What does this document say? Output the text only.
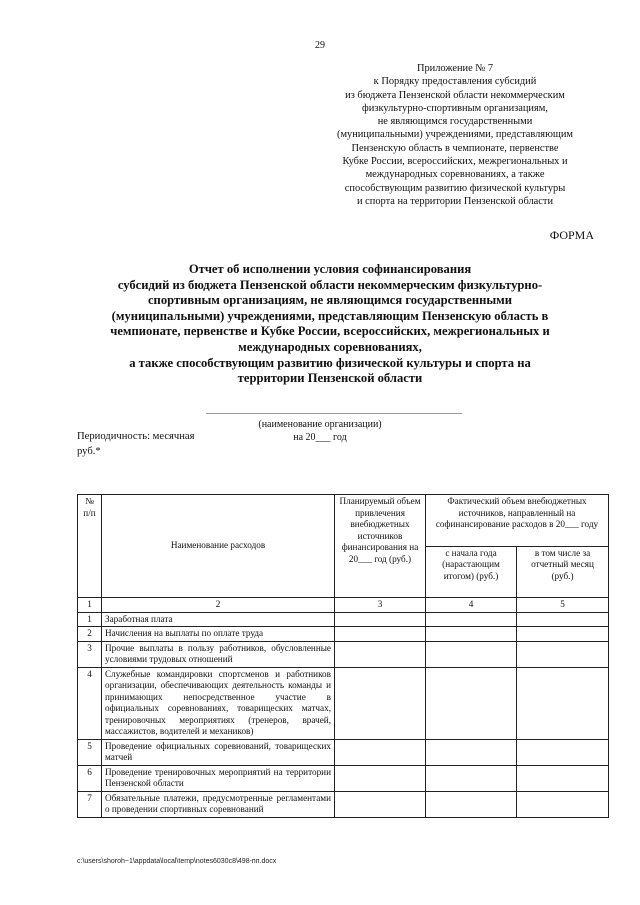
29
Приложение № 7
к Порядку предоставления субсидий
из бюджета Пензенской области некоммерческим
физкультурно-спортивным организациям,
не являющимся государственными
(муниципальными) учреждениями, представляющим
Пензенскую область в чемпионате, первенстве
Кубке России, всероссийских, межрегиональных и
международных соревнованиях, а также
способствующим развитию физической культуры
и спорта на территории Пензенской области
ФОРМА
Отчет об исполнении условия софинансирования
субсидий из бюджета Пензенской области некоммерческим физкультурно-
спортивным организациям, не являющимся государственными
(муниципальными) учреждениями, представляющим Пензенскую область в
чемпионате, первенстве и Кубке России, всероссийских, межрегиональных и
международных соревнованиях,
а также способствующим развитию физической культуры и спорта на
территории Пензенской области
(наименование организации)
на 20___ год
Периодичность: месячная
руб.*
№ п/п	Наименование расходов	Планируемый объем привлечения внебюджетных источников финансирования на 20___ год (руб.)	Фактический объем внебюджетных источников, направленный на софинансирование расходов в 20___ году	
			с начала года (нарастающим итогом) (руб.)	в том числе за отчетный месяц (руб.)
1	2	3	4	5
1	Заработная плата			
2	Начисления на выплаты по оплате труда			
3	Прочие выплаты в пользу работников, обусловленные условиями трудовых отношений			
4	Служебные командировки спортсменов и работников организации, обеспечивающих деятельность команды и принимающих непосредственное участие в официальных соревнованиях, товарищеских матчах, тренировочных мероприятиях (тренеров, врачей, массажистов, водителей и механиков)			
5	Проведение официальных соревнований, товарищеских матчей			
6	Проведение тренировочных мероприятий на территории Пензенской области			
7	Обязательные платежи, предусмотренные регламентами о проведении спортивных соревнований			
c:\users\shoroh~1\appdata\local\temp\notes6030c8\498-пп.docx
